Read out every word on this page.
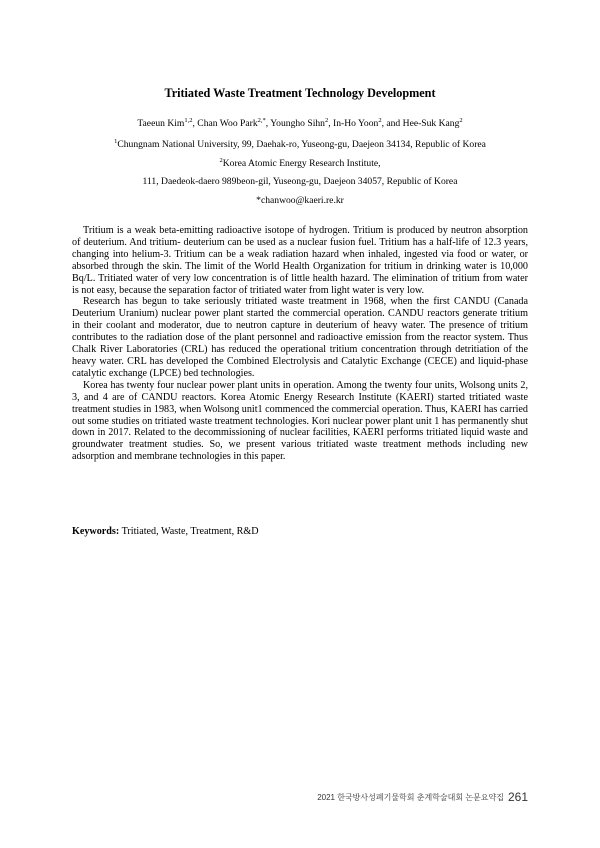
Tritiated Waste Treatment Technology Development
Taeeun Kim$^{1,2}$, Chan Woo Park$^{2,*}$, Youngho Sihn$^2$, In-Ho Yoon$^2$, and Hee-Suk Kang$^2$
$^1$Chungnam National University, 99, Daehak-ro, Yuseong-gu, Daejeon 34134, Republic of Korea
$^2$Korea Atomic Energy Research Institute,
111, Daedeok-daero 989beon-gil, Yuseong-gu, Daejeon 34057, Republic of Korea
*chanwoo@kaeri.re.kr

Tritium is a weak beta-emitting radioactive isotope of hydrogen. Tritium is produced by neutron absorption of deuterium. And tritium- deuterium can be used as a nuclear fusion fuel. Tritium has a half-life of 12.3 years, changing into helium-3. Tritium can be a weak radiation hazard when inhaled, ingested via food or water, or absorbed through the skin. The limit of the World Health Organization for tritium in drinking water is 10,000 Bq/L. Tritiated water of very low concentration is of little health hazard. The elimination of tritium from water is not easy, because the separation factor of tritiated water from light water is very low.

Research has begun to take seriously tritiated waste treatment in 1968, when the first CANDU (Canada Deuterium Uranium) nuclear power plant started the commercial operation. CANDU reactors generate tritium in their coolant and moderator, due to neutron capture in deuterium of heavy water. The presence of tritium contributes to the radiation dose of the plant personnel and radioactive emission from the reactor system. Thus Chalk River Laboratories (CRL) has reduced the operational tritium concentration through detritiation of the heavy water. CRL has developed the Combined Electrolysis and Catalytic Exchange (CECE) and liquid-phase catalytic exchange (LPCE) bed technologies.

Korea has twenty four nuclear power plant units in operation. Among the twenty four units, Wolsong units 2, 3, and 4 are of CANDU reactors. Korea Atomic Energy Research Institute (KAERI) started tritiated waste treatment studies in 1983, when Wolsong unit1 commenced the commercial operation. Thus, KAERI has carried out some studies on tritiated waste treatment technologies. Kori nuclear power plant unit 1 has permanently shut down in 2017. Related to the decommissioning of nuclear facilities, KAERI performs tritiated liquid waste and groundwater treatment studies. So, we present various tritiated waste treatment methods including new adsorption and membrane technologies in this paper.

Keywords: Tritiated, Waste, Treatment, R&D
2021 한국방사성폐기물학회 춘계학술대회 논문요약집 261
